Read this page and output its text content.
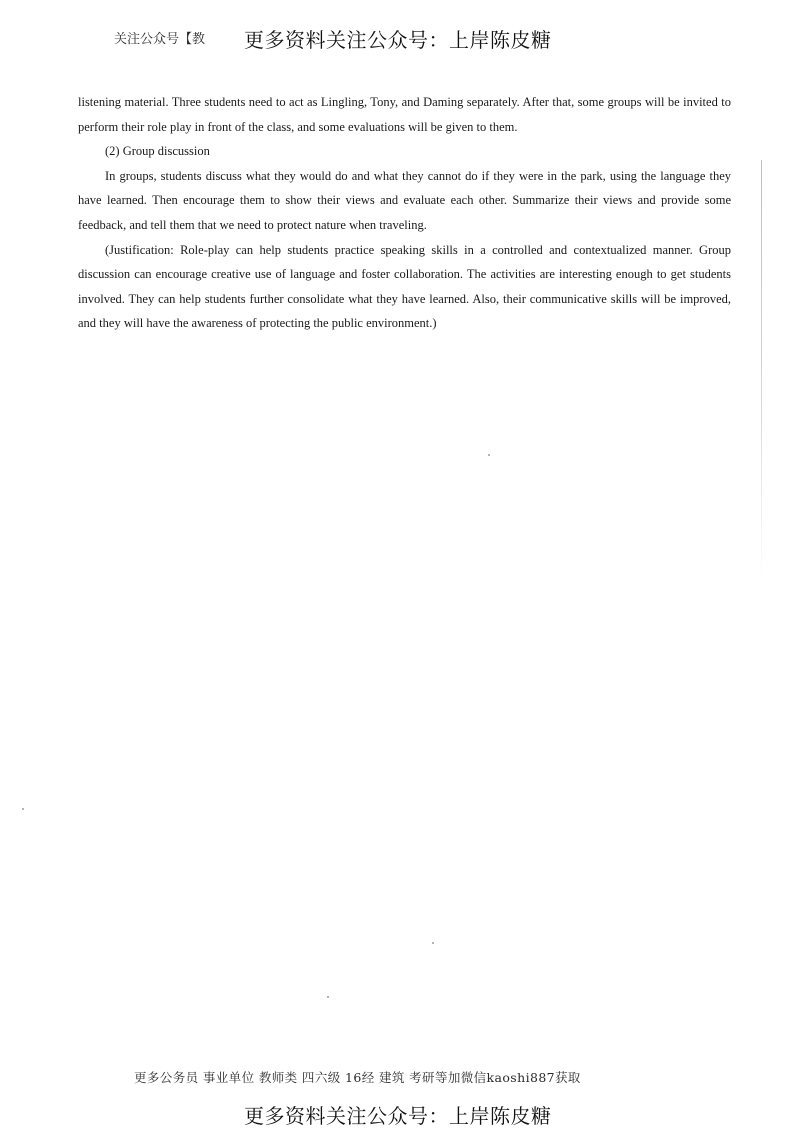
关注公众号【教 更多资料关注公众号：上岸陈皮糖

listening material. Three students need to act as Lingling, Tony, and Daming separately. After that, some groups will be invited to perform their role play in front of the class, and some evaluations will be given to them.

(2) Group discussion

In groups, students discuss what they would do and what they cannot do if they were in the park, using the language they have learned. Then encourage them to show their views and evaluate each other. Summarize their views and provide some feedback, and tell them that we need to protect nature when traveling.

(Justification: Role-play can help students practice speaking skills in a controlled and contextualized manner. Group discussion can encourage creative use of language and foster collaboration. The activities are interesting enough to get students involved. They can help students further consolidate what they have learned. Also, their communicative skills will be improved, and they will have the awareness of protecting the public environment.)

更多公务员 事业单位 教师类 四六级 16经 建筑 考研等加微信kaoshi887获取
更多资料关注公众号：上岸陈皮糖
